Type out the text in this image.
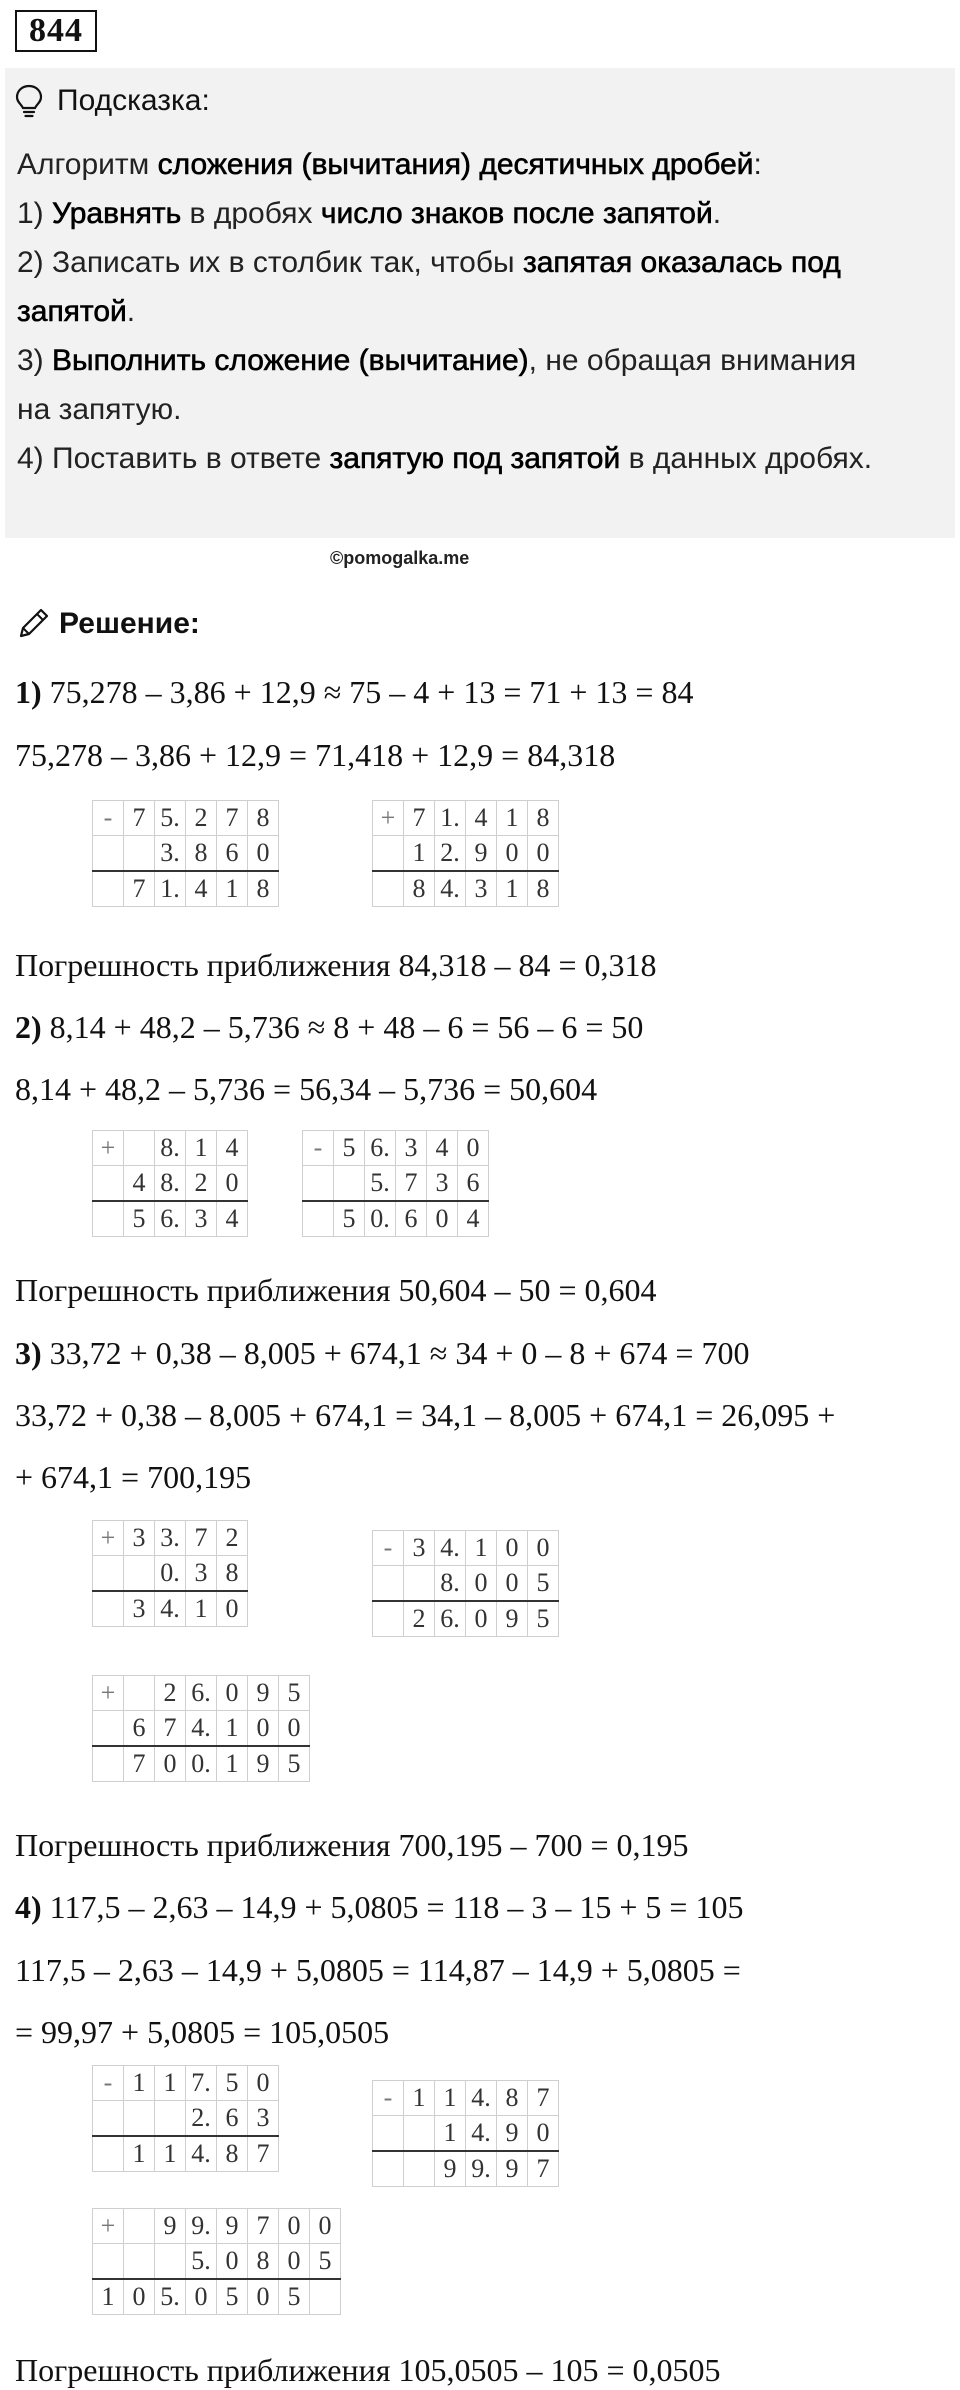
844
Подсказка:
Алгоритм сложения (вычитания) десятичных дробей:
1) Уравнять в дробях число знаков после запятой.
2) Записать их в столбик так, чтобы запятая оказалась под
запятой.
3) Выполнить сложение (вычитание), не обращая внимания
на запятую.
4) Поставить в ответе запятую под запятой в данных дробях.
©pomogalka.me
Решение:
1) 75,278 – 3,86 + 12,9 ≈ 75 – 4 + 13 = 71 + 13 = 84
75,278 – 3,86 + 12,9 = 71,418 + 12,9 = 84,318
Погрешность приближения 84,318 – 84 = 0,318
2) 8,14 + 48,2 – 5,736 ≈ 8 + 48 – 6 = 56 – 6 = 50
8,14 + 48,2 – 5,736 = 56,34 – 5,736 = 50,604
Погрешность приближения 50,604 – 50 = 0,604
3) 33,72 + 0,38 – 8,005 + 674,1 ≈ 34 + 0 – 8 + 674 = 700
33,72 + 0,38 – 8,005 + 674,1 = 34,1 – 8,005 + 674,1 = 26,095 +
+ 674,1 = 700,195
Погрешность приближения 700,195 – 700 = 0,195
4) 117,5 – 2,63 – 14,9 + 5,0805 = 118 – 3 – 15 + 5 = 105
117,5 – 2,63 – 14,9 + 5,0805 = 114,87 – 14,9 + 5,0805 =
= 99,97 + 5,0805 = 105,0505
Погрешность приближения 105,0505 – 105 = 0,0505
-	7	5.	2	7	8
		3.	8	6	0
	7	1.	4	1	8
+	7	1.	4	1	8
	1	2.	9	0	0
	8	4.	3	1	8
+		8.	1	4
	4	8.	2	0
	5	6.	3	4
-	5	6.	3	4	0
		5.	7	3	6
	5	0.	6	0	4
+	3	3.	7	2
		0.	3	8
	3	4.	1	0
-	3	4.	1	0	0
		8.	0	0	5
	2	6.	0	9	5
+		2	6.	0	9	5
	6	7	4.	1	0	0
	7	0	0.	1	9	5
-	1	1	7.	5	0
			2.	6	3
	1	1	4.	8	7
-	1	1	4.	8	7
		1	4.	9	0
		9	9.	9	7
+		9	9.	9	7	0	0
			5.	0	8	0	5
1	0	5.	0	5	0	5	
